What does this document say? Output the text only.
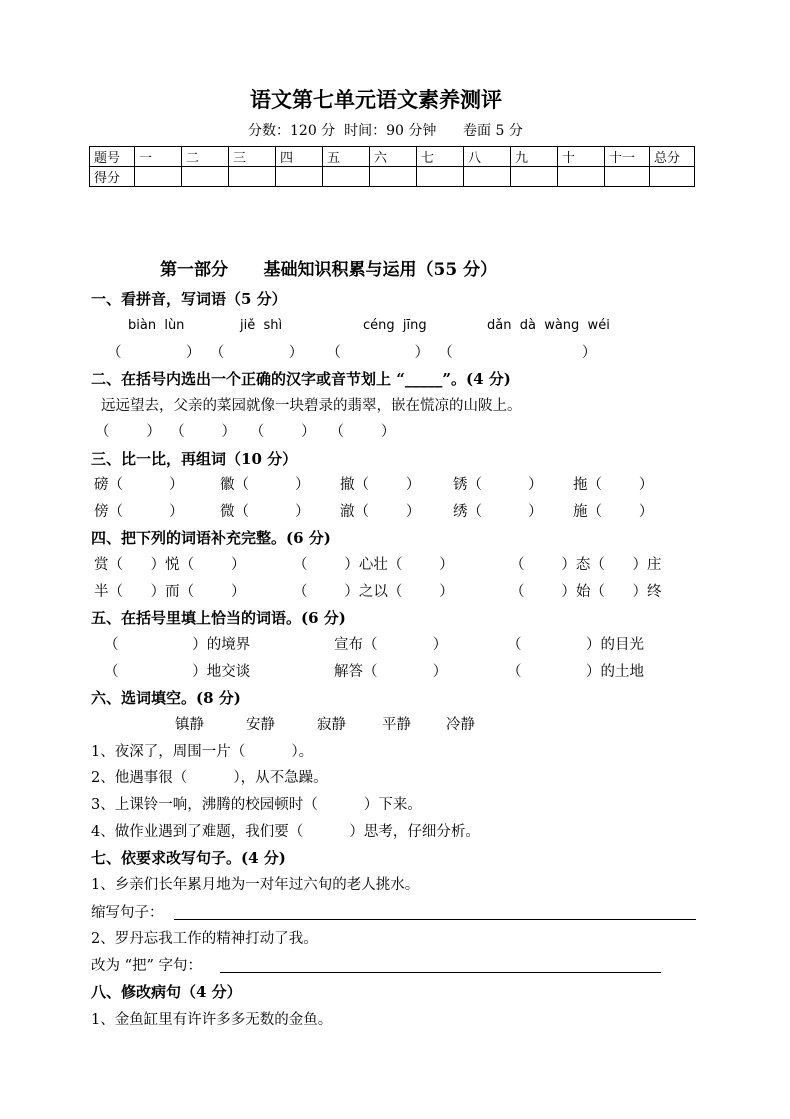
语文第七单元语文素养测评
分数：120 分  时间：90 分钟      卷面 5 分
题号	一	二	三	四	五	六	七	八	九	十	十一	总分
得分												
第一部分      基础知识积累与运用（55 分）
一、看拼音，写词语（5 分）
biàn  lùn	jiě  shì	céng  jīng	dǎn  dà  wàng  wéi
（              ）  （              ）     （                ）  （                            ）
二、在括号内选出一个正确的汉字或音节划上 “_____”。(4 分)
远远望去，父亲的菜园就像一块碧录的翡翠，嵌在慌凉的山陂上。
（        ）  （        ）   （        ）   （        ）
三、比一比，再组词（10 分）
磅（          ）	徽（          ） 撤（        ） 锈（          ） 拖（        ）
傍（          ）	微（          ） 澈（        ） 绣（          ） 施（        ）
四、把下列的词语补充完整。(6 分)
赏（      ）悦（        ）	（        ）心壮（        ）	（        ）态（      ）庄
半（      ）而（        ）	（        ）之以（        ）	（        ）始（      ）终
五、在括号里填上恰当的词语。(6 分)
（                ）的境界	宣布（            ）	（              ）的目光
（                ）地交谈	解答（            ）	（              ）的土地
六、选词填空。(8 分)
镇静	安静	寂静 平静 冷静
1、夜深了，周围一片（          ）。
2、他遇事很（          ），从不急躁。
3、上课铃一响，沸腾的校园顿时（          ）下来。
4、做作业遇到了难题，我们要（          ）思考，仔细分析。
七、依要求改写句子。(4 分)
1、乡亲们长年累月地为一对年过六旬的老人挑水。
缩写句子：
2、罗丹忘我工作的精神打动了我。
改为 “把” 字句：
八、修改病句（4 分）
1、金鱼缸里有许许多多无数的金鱼。
